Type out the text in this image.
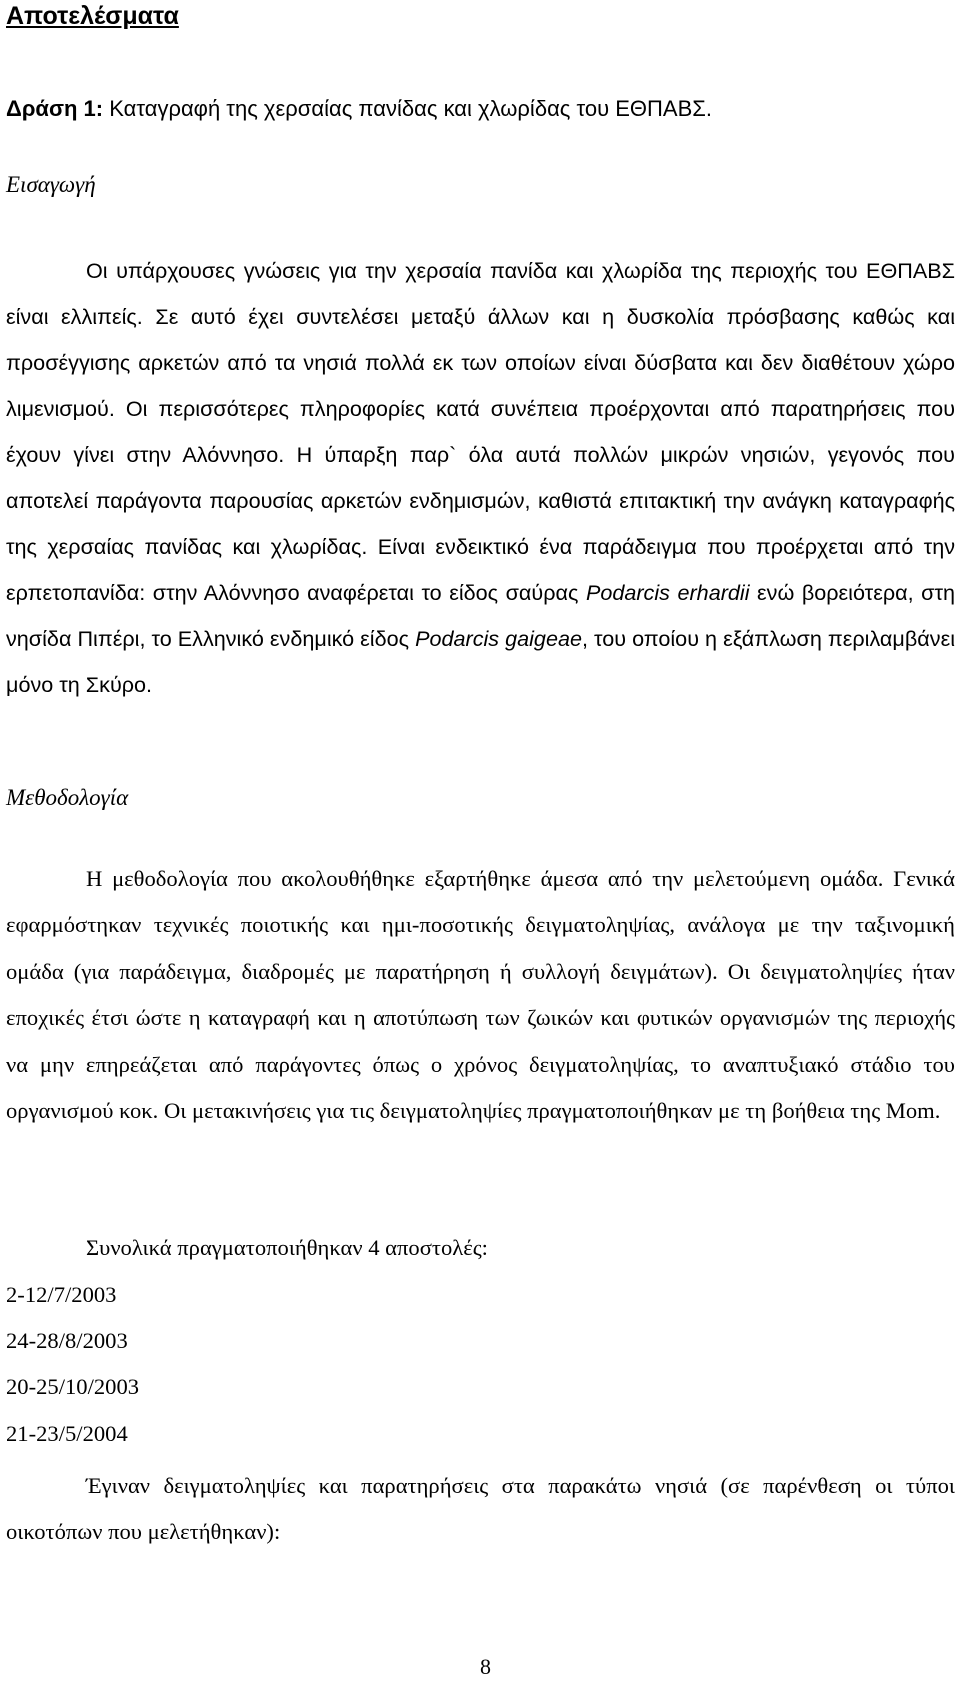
Αποτελέσματα
Δράση 1: Καταγραφή της χερσαίας πανίδας και χλωρίδας του ΕΘΠΑΒΣ.
Εισαγωγή
Οι υπάρχουσες γνώσεις για την χερσαία πανίδα και χλωρίδα της περιοχής του ΕΘΠΑΒΣ είναι ελλιπείς. Σε αυτό έχει συντελέσει μεταξύ άλλων και η δυσκολία πρόσβασης καθώς και προσέγγισης αρκετών από τα νησιά πολλά εκ των οποίων είναι δύσβατα και δεν διαθέτουν χώρο λιμενισμού. Οι περισσότερες πληροφορίες κατά συνέπεια προέρχονται από παρατηρήσεις που έχουν γίνει στην Αλόννησο. Η ύπαρξη παρ` όλα αυτά πολλών μικρών νησιών, γεγονός που αποτελεί παράγοντα παρουσίας αρκετών ενδημισμών, καθιστά επιτακτική την ανάγκη καταγραφής της χερσαίας πανίδας και χλωρίδας. Είναι ενδεικτικό ένα παράδειγμα που προέρχεται από την ερπετοπανίδα: στην Αλόννησο αναφέρεται το είδος σαύρας Podarcis erhardii ενώ βορειότερα, στη νησίδα Πιπέρι, το Ελληνικό ενδημικό είδος Podarcis gaigeae, του οποίου η εξάπλωση περιλαμβάνει μόνο τη Σκύρο.
Μεθοδολογία
Η μεθοδολογία που ακολουθήθηκε εξαρτήθηκε άμεσα από την μελετούμενη ομάδα. Γενικά εφαρμόστηκαν τεχνικές ποιοτικής και ημι-ποσοτικής δειγματοληψίας, ανάλογα με την ταξινομική ομάδα (για παράδειγμα, διαδρομές με παρατήρηση ή συλλογή δειγμάτων). Οι δειγματοληψίες ήταν εποχικές έτσι ώστε η καταγραφή και η αποτύπωση των ζωικών και φυτικών οργανισμών της περιοχής να μην επηρεάζεται από παράγοντες όπως ο χρόνος δειγματοληψίας, το αναπτυξιακό στάδιο του οργανισμού κοκ. Οι μετακινήσεις για τις δειγματοληψίες πραγματοποιήθηκαν με τη βοήθεια της Mom.
Συνολικά πραγματοποιήθηκαν 4 αποστολές:
2-12/7/2003
24-28/8/2003
20-25/10/2003
21-23/5/2004
Έγιναν δειγματοληψίες και παρατηρήσεις στα παρακάτω νησιά (σε παρένθεση οι τύποι οικοτόπων που μελετήθηκαν):
8
